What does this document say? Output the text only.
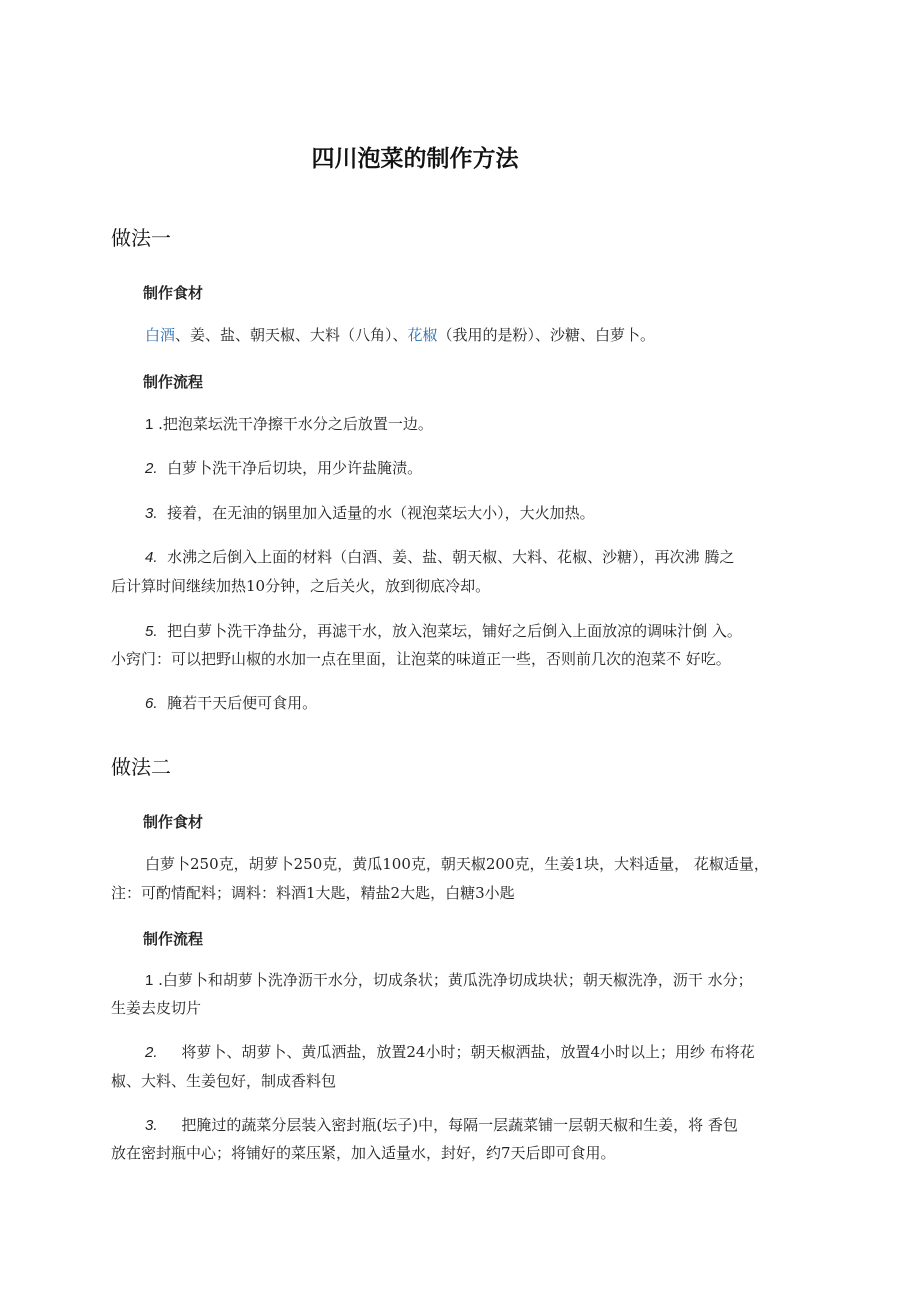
四川泡菜的制作方法
做法一
制作食材
白酒、姜、盐、朝天椒、大料（八角）、花椒（我用的是粉）、沙糖、白萝卜。
制作流程
1 .把泡菜坛洗干净擦干水分之后放置一边。
2. 白萝卜洗干净后切块，用少许盐腌渍。
3. 接着，在无油的锅里加入适量的水（视泡菜坛大小），大火加热。
4. 水沸之后倒入上面的材料（白酒、姜、盐、朝天椒、大料、花椒、沙糖），再次沸 腾之
后计算时间继续加热10分钟，之后关火，放到彻底冷却。
5. 把白萝卜洗干净盐分，再滤干水，放入泡菜坛，铺好之后倒入上面放凉的调味汁倒 入。
小窍门：可以把野山椒的水加一点在里面，让泡菜的味道正一些，否则前几次的泡菜不 好吃。
6. 腌若干天后便可食用。
做法二
制作食材
白萝卜250克，胡萝卜250克，黄瓜100克，朝天椒200克，生姜1块，大料适量， 花椒适量，
注：可酌情配料；调料：料酒1大匙，精盐2大匙，白糖3小匙
制作流程
1 .白萝卜和胡萝卜洗净沥干水分，切成条状；黄瓜洗净切成块状；朝天椒洗净，沥干 水分；
生姜去皮切片
2. 将萝卜、胡萝卜、黄瓜洒盐，放置24小时；朝天椒洒盐，放置4小时以上；用纱 布将花
椒、大料、生姜包好，制成香料包
3. 把腌过的蔬菜分层装入密封瓶(坛子)中，每隔一层蔬菜铺一层朝天椒和生姜，将 香包
放在密封瓶中心；将铺好的菜压紧，加入适量水，封好，约7天后即可食用。
